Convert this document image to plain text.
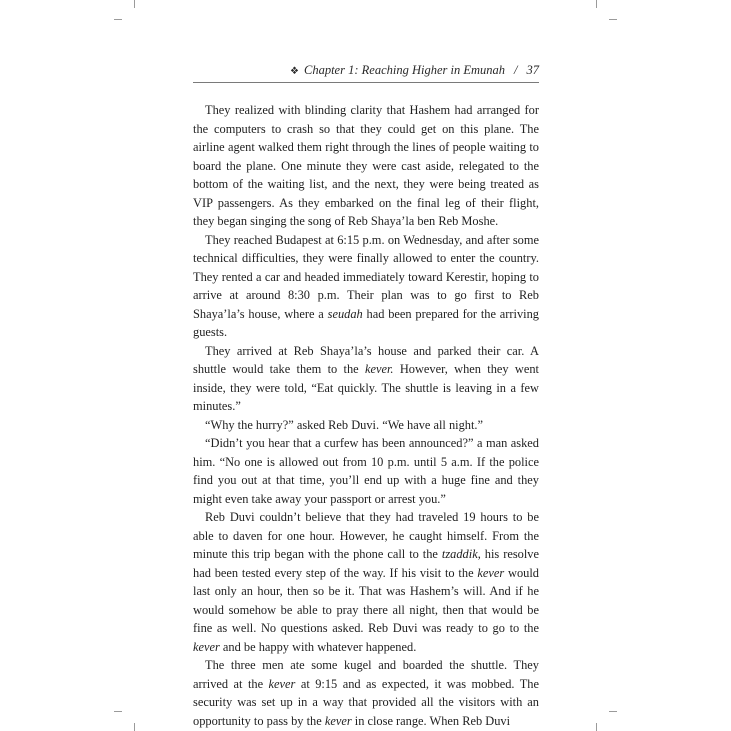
❖ Chapter 1: Reaching Higher in Emunah / 37

They realized with blinding clarity that Hashem had arranged for the computers to crash so that they could get on this plane. The airline agent walked them right through the lines of people waiting to board the plane. One minute they were cast aside, relegated to the bottom of the waiting list, and the next, they were being treated as VIP passengers. As they embarked on the final leg of their flight, they began singing the song of Reb Shaya’la ben Reb Moshe.

They reached Budapest at 6:15 p.m. on Wednesday, and after some technical difficulties, they were finally allowed to enter the country. They rented a car and headed immediately toward Kerestir, hoping to arrive at around 8:30 p.m. Their plan was to go first to Reb Shaya’la’s house, where a seudah had been prepared for the arriving guests.

They arrived at Reb Shaya’la’s house and parked their car. A shuttle would take them to the kever. However, when they went inside, they were told, “Eat quickly. The shuttle is leaving in a few minutes.”

“Why the hurry?” asked Reb Duvi. “We have all night.”

“Didn’t you hear that a curfew has been announced?” a man asked him. “No one is allowed out from 10 p.m. until 5 a.m. If the police find you out at that time, you’ll end up with a huge fine and they might even take away your passport or arrest you.”

Reb Duvi couldn’t believe that they had traveled 19 hours to be able to daven for one hour. However, he caught himself. From the minute this trip began with the phone call to the tzaddik, his resolve had been tested every step of the way. If his visit to the kever would last only an hour, then so be it. That was Hashem’s will. And if he would somehow be able to pray there all night, then that would be fine as well. No questions asked. Reb Duvi was ready to go to the kever and be happy with whatever happened.

The three men ate some kugel and boarded the shuttle. They arrived at the kever at 9:15 and as expected, it was mobbed. The security was set up in a way that provided all the visitors with an opportunity to pass by the kever in close range. When Reb Duvi
